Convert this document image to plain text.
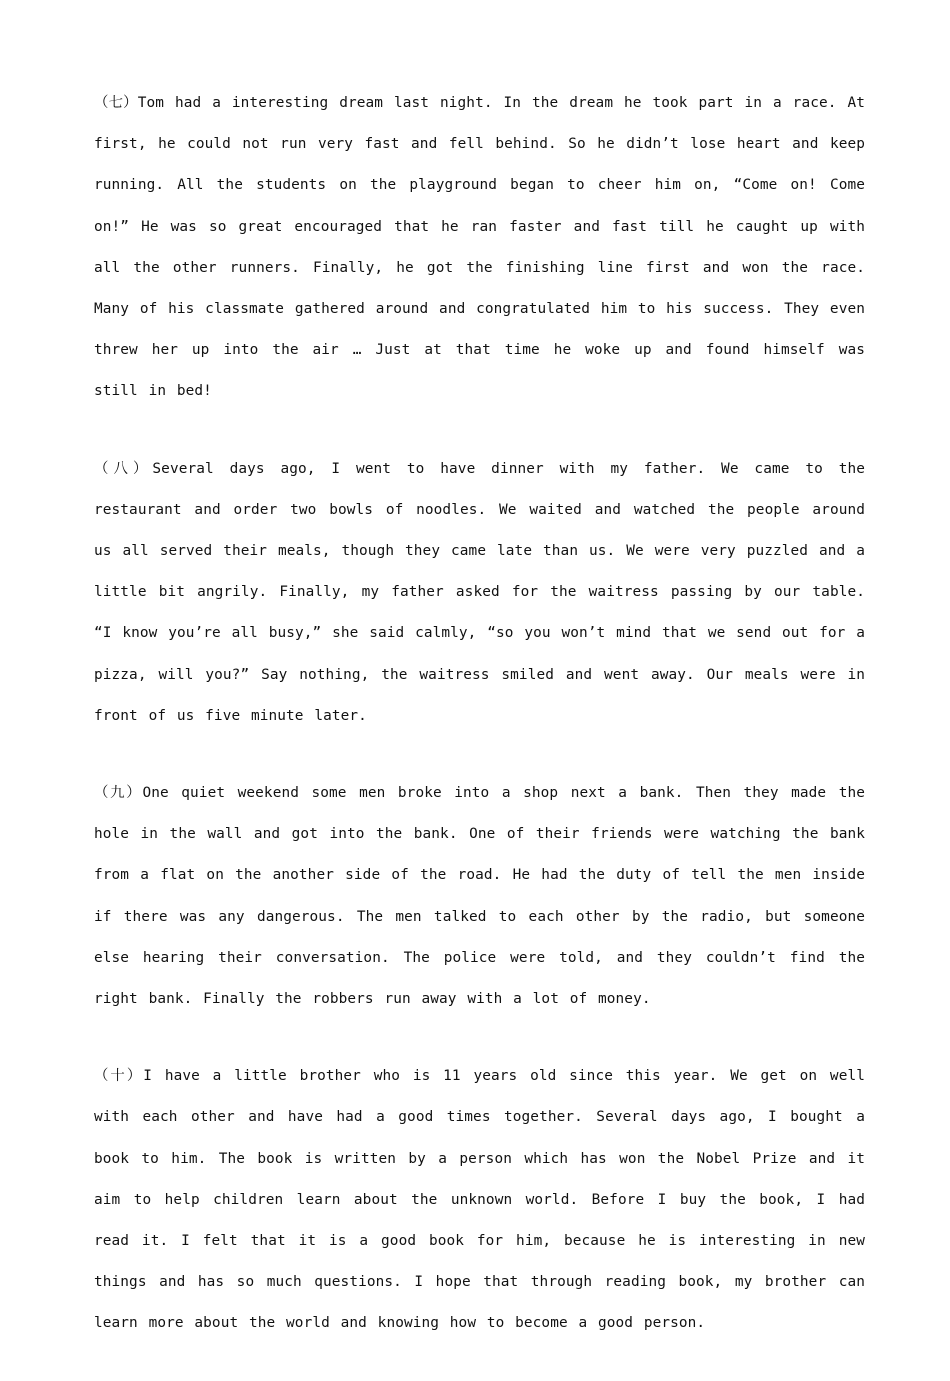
（七）Tom had a interesting dream last night. In the dream he took part in a race. At first, he could not run very fast and fell behind. So he didn’t lose heart and keep running. All the students on the playground began to cheer him on, “Come on! Come on!” He was so great encouraged that he ran faster and fast till he caught up with all the other runners. Finally, he got the finishing line first and won the race. Many of his classmate gathered around and congratulated him to his success. They even threw her up into the air … Just at that time he woke up and found himself was still in bed!

（八）Several days ago, I went to have dinner with my father. We came to the restaurant and order two bowls of noodles. We waited and watched the people around us all served their meals, though they came late than us. We were very puzzled and a little bit angrily. Finally, my father asked for the waitress passing by our table. “I know you’re all busy,” she said calmly, “so you won’t mind that we send out for a pizza, will you?” Say nothing, the waitress smiled and went away. Our meals were in front of us five minute later.

（九）One quiet weekend some men broke into a shop next a bank. Then they made the hole in the wall and got into the bank. One of their friends were watching the bank from a flat on the another side of the road. He had the duty of tell the men inside if there was any dangerous. The men talked to each other by the radio, but someone else hearing their conversation. The police were told, and they couldn’t find the right bank. Finally the robbers run away with a lot of money.

（十）I have a little brother who is 11 years old since this year. We get on well with each other and have had a good times together. Several days ago, I bought a book to him. The book is written by a person which has won the Nobel Prize and it aim to help children learn about the unknown world. Before I buy the book, I had read it. I felt that it is a good book for him, because he is interesting in new things and has so much questions. I hope that through reading book, my brother can learn more about the world and knowing how to become a good person.
